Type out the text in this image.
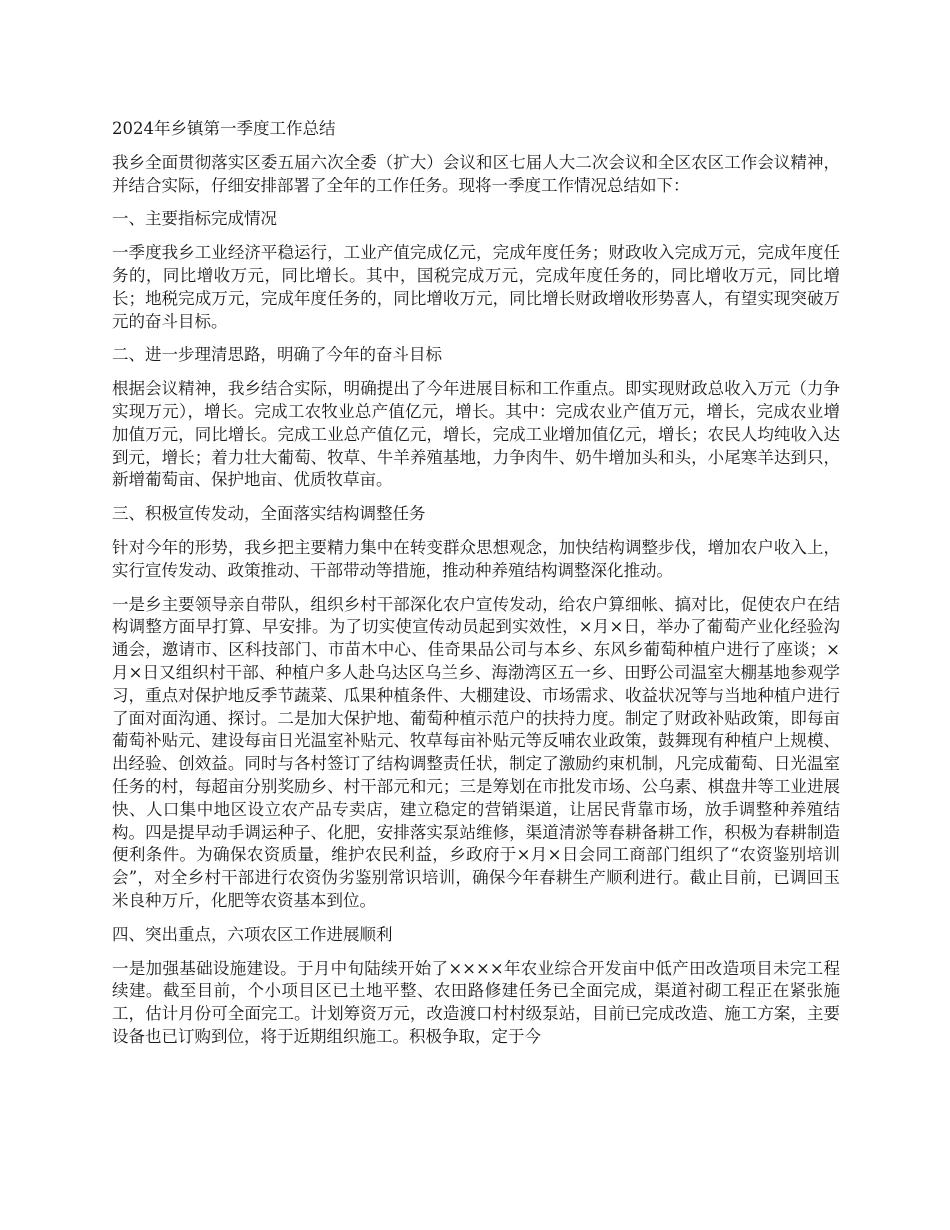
2024年乡镇第一季度工作总结

我乡全面贯彻落实区委五届六次全委（扩大）会议和区七届人大二次会议和全区农区工作会议精神，并结合实际，仔细安排部署了全年的工作任务。现将一季度工作情况总结如下：

一、主要指标完成情况

一季度我乡工业经济平稳运行，工业产值完成亿元，完成年度任务；财政收入完成万元，完成年度任务的，同比增收万元，同比增长。其中，国税完成万元，完成年度任务的，同比增收万元，同比增长；地税完成万元，完成年度任务的，同比增收万元，同比增长财政增收形势喜人，有望实现突破万元的奋斗目标。

二、进一步理清思路，明确了今年的奋斗目标

根据会议精神，我乡结合实际，明确提出了今年进展目标和工作重点。即实现财政总收入万元（力争实现万元），增长。完成工农牧业总产值亿元，增长。其中：完成农业产值万元，增长，完成农业增加值万元，同比增长。完成工业总产值亿元，增长，完成工业增加值亿元，增长；农民人均纯收入达到元，增长；着力壮大葡萄、牧草、牛羊养殖基地，力争肉牛、奶牛增加头和头，小尾寒羊达到只，新增葡萄亩、保护地亩、优质牧草亩。

三、积极宣传发动，全面落实结构调整任务

针对今年的形势，我乡把主要精力集中在转变群众思想观念，加快结构调整步伐，增加农户收入上，实行宣传发动、政策推动、干部带动等措施，推动种养殖结构调整深化推动。

一是乡主要领导亲自带队，组织乡村干部深化农户宣传发动，给农户算细帐、搞对比，促使农户在结构调整方面早打算、早安排。为了切实使宣传动员起到实效性，×月×日，举办了葡萄产业化经验沟通会，邀请市、区科技部门、市苗木中心、佳奇果品公司与本乡、东风乡葡萄种植户进行了座谈；×月×日又组织村干部、种植户多人赴乌达区乌兰乡、海渤湾区五一乡、田野公司温室大棚基地参观学习，重点对保护地反季节蔬菜、瓜果种植条件、大棚建设、市场需求、收益状况等与当地种植户进行了面对面沟通、探讨。二是加大保护地、葡萄种植示范户的扶持力度。制定了财政补贴政策，即每亩葡萄补贴元、建设每亩日光温室补贴元、牧草每亩补贴元等反哺农业政策，鼓舞现有种植户上规模、出经验、创效益。同时与各村签订了结构调整责任状，制定了激励约束机制，凡完成葡萄、日光温室任务的村，每超亩分别奖励乡、村干部元和元；三是筹划在市批发市场、公乌素、棋盘井等工业进展快、人口集中地区设立农产品专卖店，建立稳定的营销渠道，让居民背靠市场，放手调整种养殖结构。四是提早动手调运种子、化肥，安排落实泵站维修，渠道清淤等春耕备耕工作，积极为春耕制造便利条件。为确保农资质量，维护农民利益，乡政府于×月×日会同工商部门组织了“农资鉴别培训会”，对全乡村干部进行农资伪劣鉴别常识培训，确保今年春耕生产顺利进行。截止目前，已调回玉米良种万斤，化肥等农资基本到位。

四、突出重点，六项农区工作进展顺利

一是加强基础设施建设。于月中旬陆续开始了××××年农业综合开发亩中低产田改造项目未完工程续建。截至目前，个小项目区已土地平整、农田路修建任务已全面完成，渠道衬砌工程正在紧张施工，估计月份可全面完工。计划筹资万元，改造渡口村村级泵站，目前已完成改造、施工方案，主要设备也已订购到位，将于近期组织施工。积极争取，定于今
